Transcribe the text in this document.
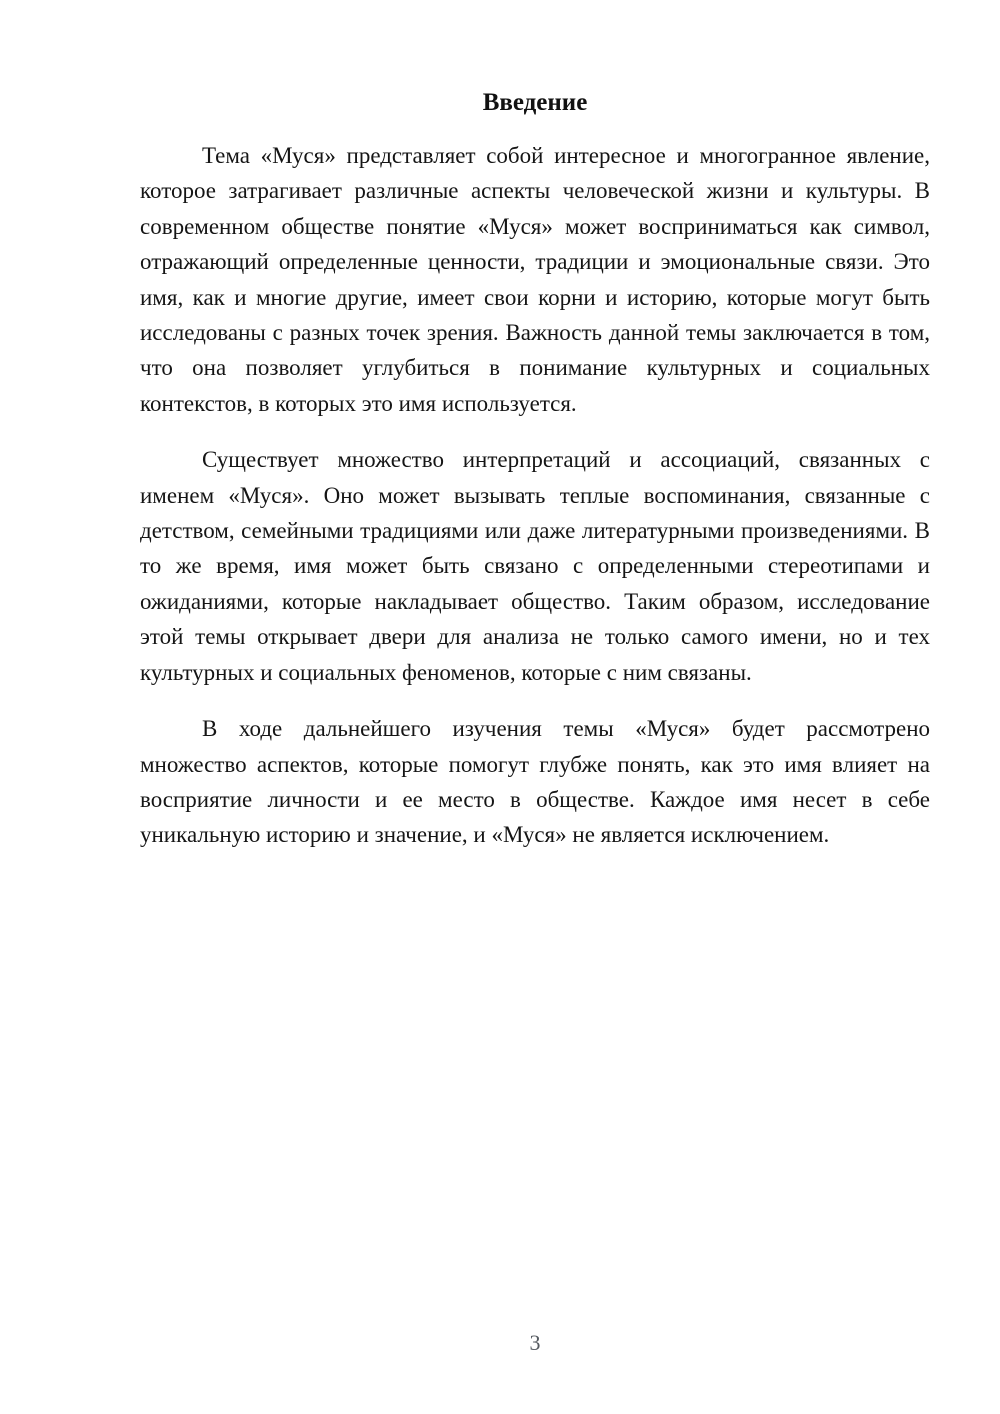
Введение

Тема «Муся» представляет собой интересное и многогранное явление, которое затрагивает различные аспекты человеческой жизни и культуры. В современном обществе понятие «Муся» может восприниматься как символ, отражающий определенные ценности, традиции и эмоциональные связи. Это имя, как и многие другие, имеет свои корни и историю, которые могут быть исследованы с разных точек зрения. Важность данной темы заключается в том, что она позволяет углубиться в понимание культурных и социальных контекстов, в которых это имя используется.

Существует множество интерпретаций и ассоциаций, связанных с именем «Муся». Оно может вызывать теплые воспоминания, связанные с детством, семейными традициями или даже литературными произведениями. В то же время, имя может быть связано с определенными стереотипами и ожиданиями, которые накладывает общество. Таким образом, исследование этой темы открывает двери для анализа не только самого имени, но и тех культурных и социальных феноменов, которые с ним связаны.

В ходе дальнейшего изучения темы «Муся» будет рассмотрено множество аспектов, которые помогут глубже понять, как это имя влияет на восприятие личности и ее место в обществе. Каждое имя несет в себе уникальную историю и значение, и «Муся» не является исключением.

3
